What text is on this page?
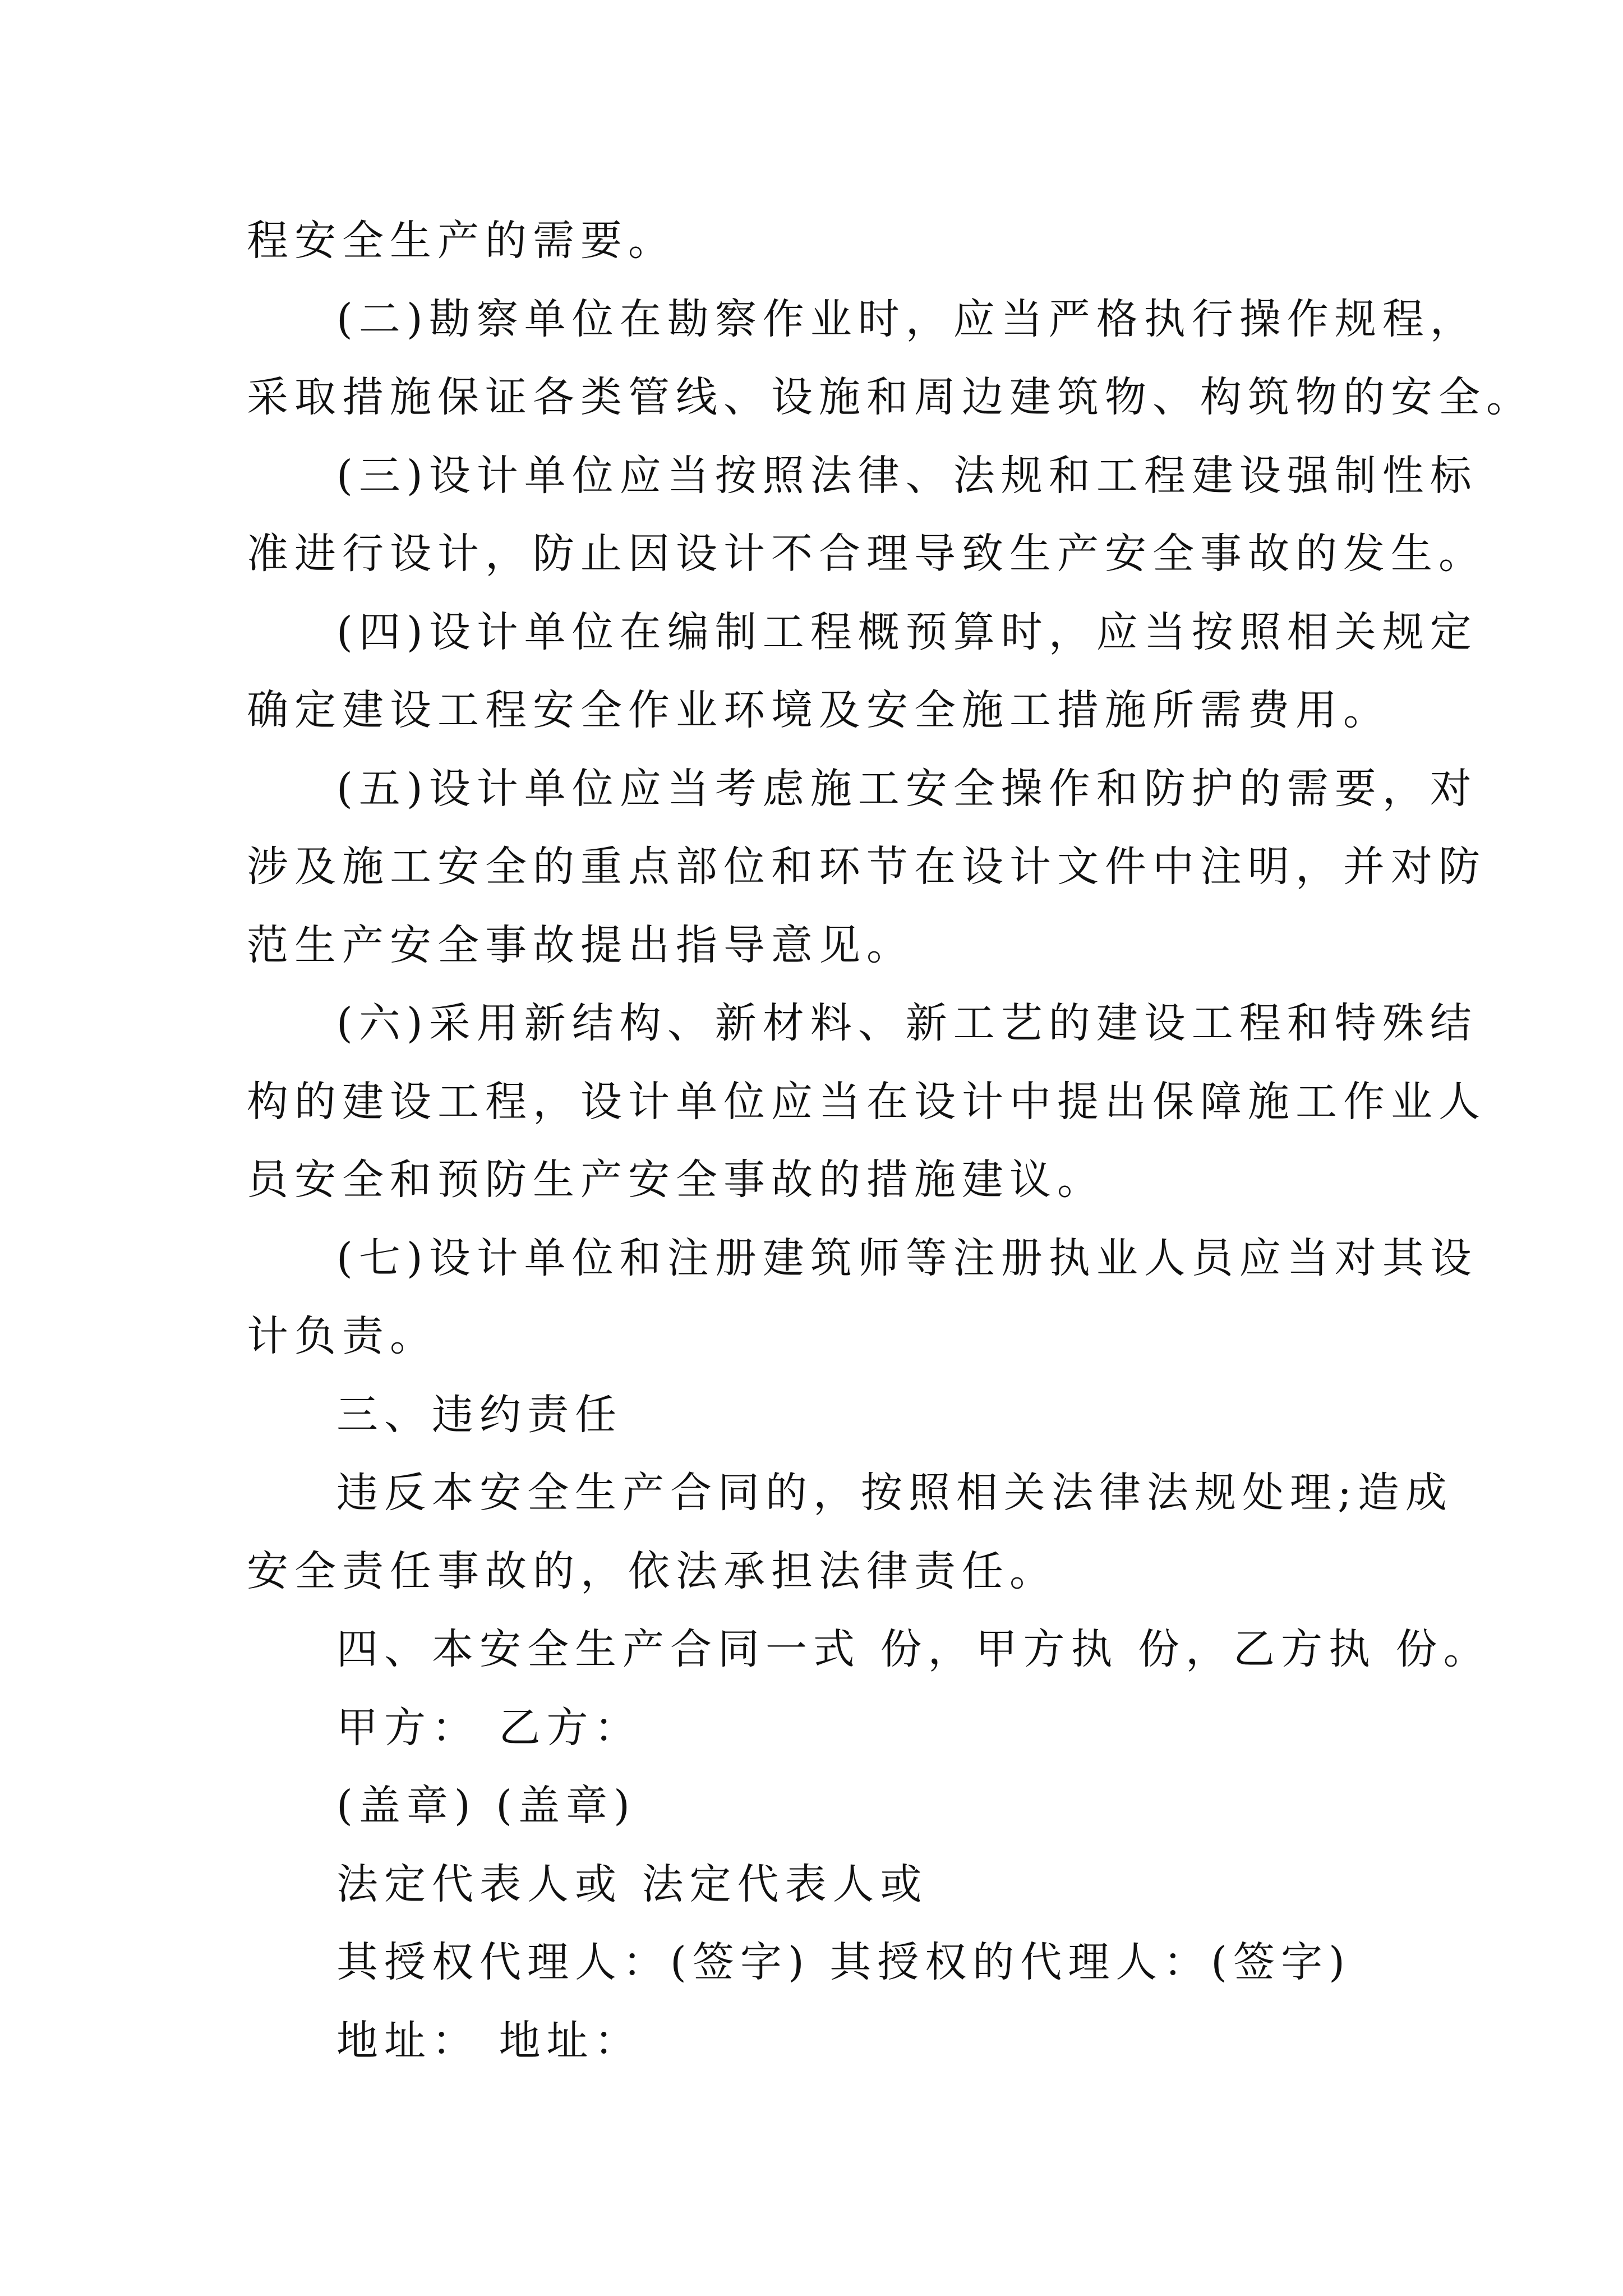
程安全生产的需要。
(二)勘察单位在勘察作业时，应当严格执行操作规程，
采取措施保证各类管线、设施和周边建筑物、构筑物的安全。
(三)设计单位应当按照法律、法规和工程建设强制性标
准进行设计，防止因设计不合理导致生产安全事故的发生。
(四)设计单位在编制工程概预算时，应当按照相关规定
确定建设工程安全作业环境及安全施工措施所需费用。
(五)设计单位应当考虑施工安全操作和防护的需要，对
涉及施工安全的重点部位和环节在设计文件中注明，并对防
范生产安全事故提出指导意见。
(六)采用新结构、新材料、新工艺的建设工程和特殊结
构的建设工程，设计单位应当在设计中提出保障施工作业人
员安全和预防生产安全事故的措施建议。
(七)设计单位和注册建筑师等注册执业人员应当对其设
计负责。
三、违约责任
违反本安全生产合同的，按照相关法律法规处理;造成
安全责任事故的，依法承担法律责任。
四、本安全生产合同一式 份，甲方执 份，乙方执 份。
甲方： 乙方：
(盖章) (盖章)
法定代表人或 法定代表人或
其授权代理人：(签字) 其授权的代理人：(签字)
地址： 地址：
